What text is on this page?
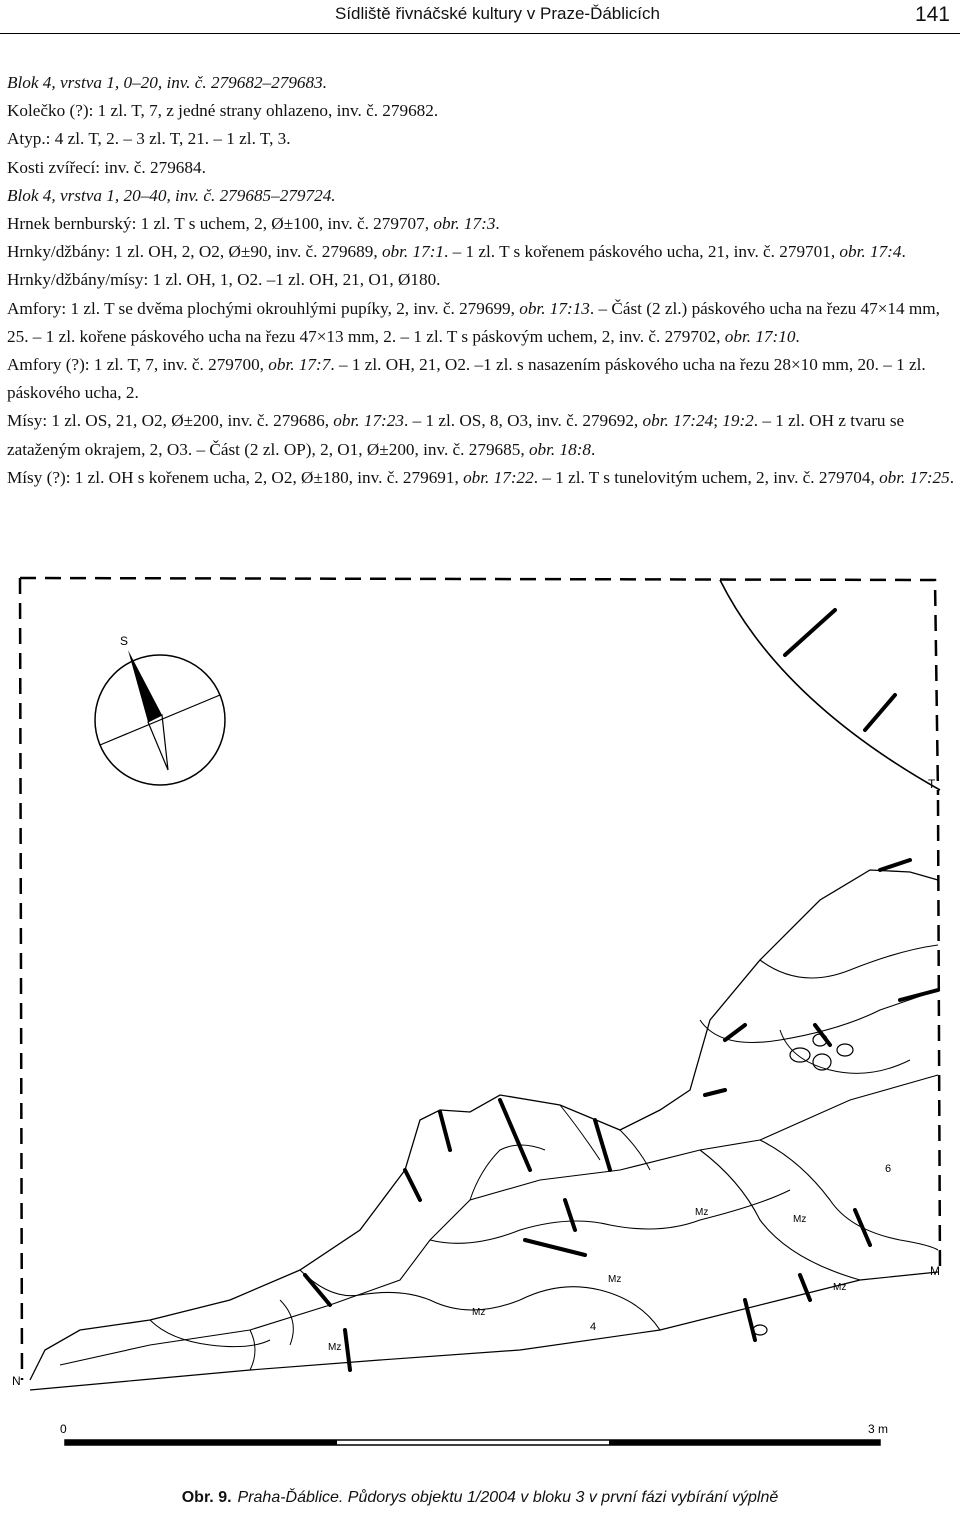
Sídliště řivnáčské kultury v Praze-Ďáblicích	141

Blok 4, vrstva 1, 0–20, inv. č. 279682–279683.

Kolečko (?): 1 zl. T, 7, z jedné strany ohlazeno, inv. č. 279682.

Atyp.: 4 zl. T, 2. – 3 zl. T, 21. – 1 zl. T, 3.

Kosti zvířecí: inv. č. 279684.

Blok 4, vrstva 1, 20–40, inv. č. 279685–279724.

Hrnek bernburský: 1 zl. T s uchem, 2, Ø±100, inv. č. 279707, obr. 17:3.

Hrnky/džbány: 1 zl. OH, 2, O2, Ø±90, inv. č. 279689, obr. 17:1. – 1 zl. T s kořenem páskového ucha, 21, inv. č. 279701, obr. 17:4.

Hrnky/džbány/mísy: 1 zl. OH, 1, O2. –1 zl. OH, 21, O1, Ø180.

Amfory: 1 zl. T se dvěma plochými okrouhlými pupíky, 2, inv. č. 279699, obr. 17:13. – Část (2 zl.) páskového ucha na řezu 47×14 mm, 25. – 1 zl. kořene páskového ucha na řezu 47×13 mm, 2. – 1 zl. T s páskovým uchem, 2, inv. č. 279702, obr. 17:10.

Amfory (?): 1 zl. T, 7, inv. č. 279700, obr. 17:7. – 1 zl. OH, 21, O2. –1 zl. s nasazením páskového ucha na řezu 28×10 mm, 20. – 1 zl. páskového ucha, 2.

Mísy: 1 zl. OS, 21, O2, Ø±200, inv. č. 279686, obr. 17:23. – 1 zl. OS, 8, O3, inv. č. 279692, obr. 17:24; 19:2. – 1 zl. OH z tvaru se zataženým okrajem, 2, O3. – Část (2 zl. OP), 2, O1, Ø±200, inv. č. 279685, obr. 18:8.

Mísy (?): 1 zl. OH s kořenem ucha, 2, O2, Ø±180, inv. č. 279691, obr. 17:22. – 1 zl. T s tunelovitým uchem, 2, inv. č. 279704, obr. 17:25.

S
N
T
M
6
4
Mz
Mz
Mz
Mz
Mz
Mz
0	3 m
Obr. 9. Praha-Ďáblice. Půdorys objektu 1/2004 v bloku 3 v první fázi vybírání výplně
